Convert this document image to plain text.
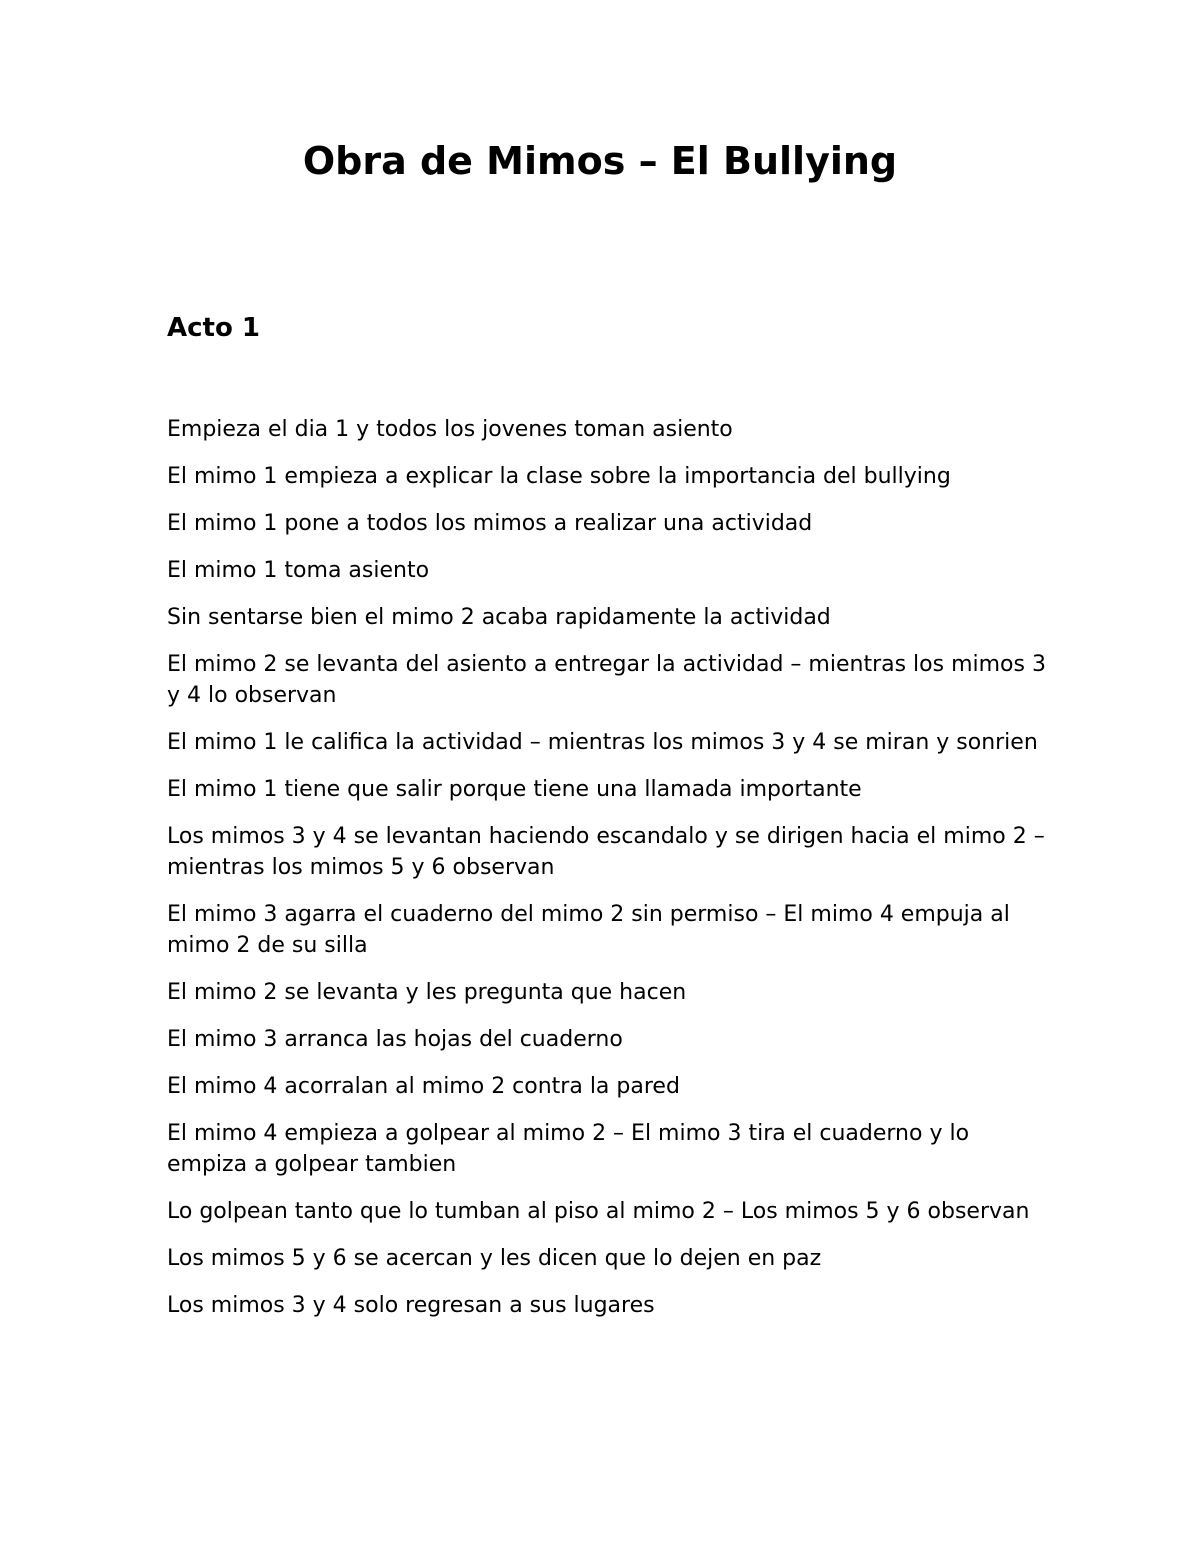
Obra de Mimos – El Bullying
Acto 1

Empieza el dia 1 y todos los jovenes toman asiento

El mimo 1 empieza a explicar la clase sobre la importancia del bullying

El mimo 1 pone a todos los mimos a realizar una actividad

El mimo 1 toma asiento

Sin sentarse bien el mimo 2 acaba rapidamente la actividad

El mimo 2 se levanta del asiento a entregar la actividad – mientras los mimos 3 y 4 lo observan

El mimo 1 le califica la actividad – mientras los mimos 3 y 4 se miran y sonrien

El mimo 1 tiene que salir porque tiene una llamada importante

Los mimos 3 y 4 se levantan haciendo escandalo y se dirigen hacia el mimo 2 – mientras los mimos 5 y 6 observan

El mimo 3 agarra el cuaderno del mimo 2 sin permiso – El mimo 4 empuja al mimo 2 de su silla

El mimo 2 se levanta y les pregunta que hacen

El mimo 3 arranca las hojas del cuaderno

El mimo 4 acorralan al mimo 2 contra la pared

El mimo 4 empieza a golpear al mimo 2 – El mimo 3 tira el cuaderno y lo empiza a golpear tambien

Lo golpean tanto que lo tumban al piso al mimo 2 – Los mimos 5 y 6 observan

Los mimos 5 y 6 se acercan y les dicen que lo dejen en paz

Los mimos 3 y 4 solo regresan a sus lugares
